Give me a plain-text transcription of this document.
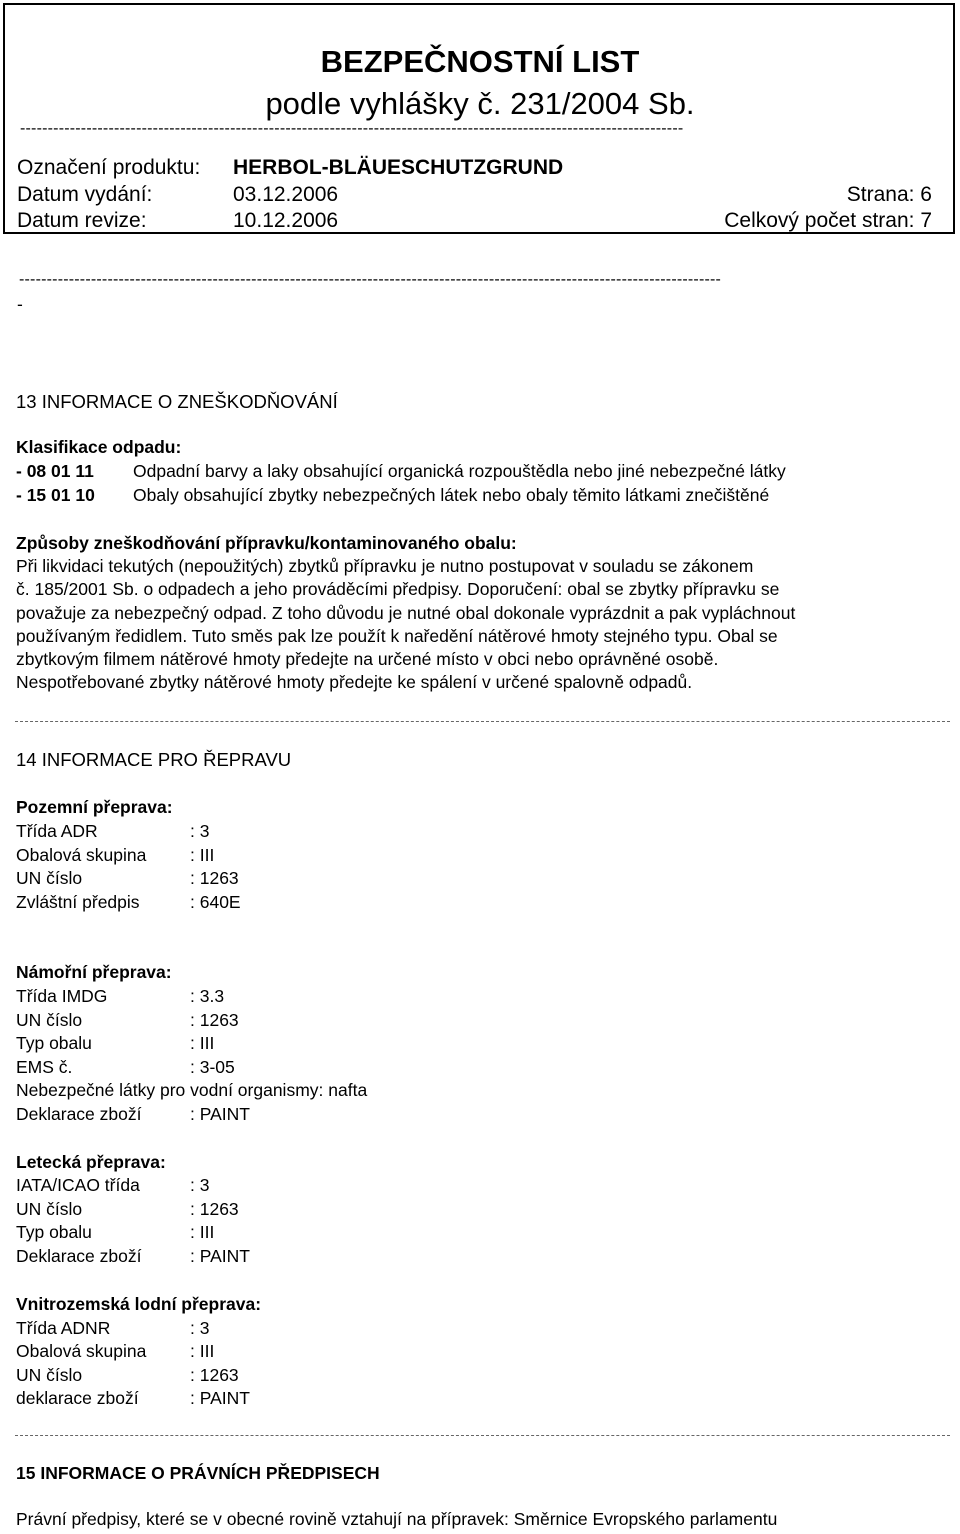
BEZPEČNOSTNÍ LIST
podle vyhlášky č. 231/2004 Sb.
------------------------------------------------------------------------------------------------------------------------
Označení produktu: HERBOL-BLÄUESCHUTZGRUND
Datum vydání:	03.12.2006	Strana: 6
Datum revize:	10.12.2006	Celkový počet stran: 7
-------------------------------------------------------------------------------------------------------------------------------
-
13 INFORMACE O ZNEŠKODŇOVÁNÍ
Klasifikace odpadu:
- 08 01 11 Odpadní barvy a laky obsahující organická rozpouštědla nebo jiné nebezpečné látky
- 15 01 10 Obaly obsahující zbytky nebezpečných látek nebo obaly těmito látkami znečištěné
Způsoby zneškodňování přípravku/kontaminovaného obalu:
Při likvidaci tekutých (nepoužitých) zbytků přípravku je nutno postupovat v souladu se zákonem
č. 185/2001 Sb. o odpadech a jeho prováděcími předpisy. Doporučení: obal se zbytky přípravku se
považuje za nebezpečný odpad. Z toho důvodu je nutné obal dokonale vyprázdnit a pak vypláchnout
používaným ředidlem. Tuto směs pak lze použít k naředění nátěrové hmoty stejného typu. Obal se
zbytkovým filmem nátěrové hmoty předejte na určené místo v obci nebo oprávněné osobě.
Nespotřebované zbytky nátěrové hmoty předejte ke spálení v určené spalovně odpadů.
14 INFORMACE PRO ŘEPRAVU
Pozemní přeprava:
Třída ADR	: 3
Obalová skupina : III
UN číslo	: 1263
Zvláštní předpis	: 640E
Námořní přeprava:
Třída IMDG	: 3.3
UN číslo	: 1263
Typ obalu	: III
EMS č.	: 3-05
Nebezpečné látky pro vodní organismy: nafta
Deklarace zboží	: PAINT
Letecká přeprava:
IATA/ICAO třída	: 3
UN číslo	: 1263
Typ obalu	: III
Deklarace zboží	: PAINT
Vnitrozemská lodní přeprava:
Třída ADNR	: 3
Obalová skupina : III
UN číslo	: 1263
deklarace zboží	: PAINT
15 INFORMACE O PRÁVNÍCH PŘEDPISECH
Právní předpisy, které se v obecné rovině vztahují na přípravek: Směrnice Evropského parlamentu
